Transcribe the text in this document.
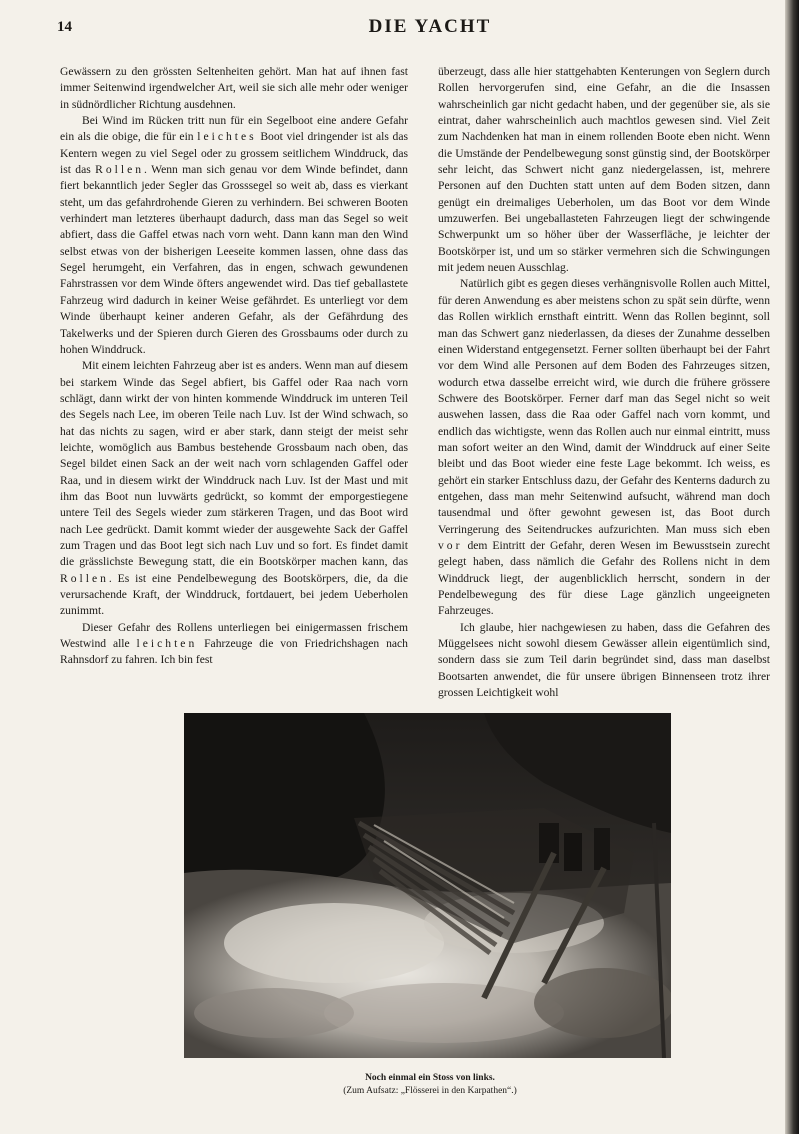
14	DIE YACHT

Gewässern zu den grössten Seltenheiten gehört. Man hat auf ihnen fast immer Seitenwind irgendwelcher Art, weil sie sich alle mehr oder weniger in südnördlicher Richtung ausdehnen.

Bei Wind im Rücken tritt nun für ein Segelboot eine andere Gefahr ein als die obige, die für ein leichtes Boot viel dringender ist als das Kentern wegen zu viel Segel oder zu grossem seitlichem Winddruck, das ist das Rollen. Wenn man sich genau vor dem Winde befindet, dann fiert bekanntlich jeder Segler das Grosssegel so weit ab, dass es vierkant steht, um das gefahrdrohende Gieren zu verhindern. Bei schweren Booten verhindert man letzteres überhaupt dadurch, dass man das Segel so weit abfiert, dass die Gaffel etwas nach vorn weht. Dann kann man den Wind selbst etwas von der bisherigen Leeseite kommen lassen, ohne dass das Segel herumgeht, ein Verfahren, das in engen, schwach gewundenen Fahrstrassen vor dem Winde öfters angewendet wird. Das tief geballastete Fahrzeug wird dadurch in keiner Weise gefährdet. Es unterliegt vor dem Winde überhaupt keiner anderen Gefahr, als der Gefährdung des Takelwerks und der Spieren durch Gieren des Grossbaums oder durch zu hohen Winddruck.

Mit einem leichten Fahrzeug aber ist es anders. Wenn man auf diesem bei starkem Winde das Segel abfiert, bis Gaffel oder Raa nach vorn schlägt, dann wirkt der von hinten kommende Winddruck im unteren Teil des Segels nach Lee, im oberen Teile nach Luv. Ist der Wind schwach, so hat das nichts zu sagen, wird er aber stark, dann steigt der meist sehr leichte, womöglich aus Bambus bestehende Grossbaum nach oben, das Segel bildet einen Sack an der weit nach vorn schlagenden Gaffel oder Raa, und in diesem wirkt der Winddruck nach Luv. Ist der Mast und mit ihm das Boot nun luvwärts gedrückt, so kommt der emporgestiegene untere Teil des Segels wieder zum stärkeren Tragen, und das Boot wird nach Lee gedrückt. Damit kommt wieder der ausgewehte Sack der Gaffel zum Tragen und das Boot legt sich nach Luv und so fort. Es findet damit die grässlichste Bewegung statt, die ein Bootskörper machen kann, das Rollen. Es ist eine Pendelbewegung des Bootskörpers, die, da die verursachende Kraft, der Winddruck, fortdauert, bei jedem Ueberholen zunimmt.

Dieser Gefahr des Rollens unterliegen bei einigermassen frischem Westwind alle leichten Fahrzeuge die von Friedrichshagen nach Rahnsdorf zu fahren. Ich bin fest

überzeugt, dass alle hier stattgehabten Kenterungen von Seglern durch Rollen hervorgerufen sind, eine Gefahr, an die die Insassen wahrscheinlich gar nicht gedacht haben, und der gegenüber sie, als sie eintrat, daher wahrscheinlich auch machtlos gewesen sind. Viel Zeit zum Nachdenken hat man in einem rollenden Boote eben nicht. Wenn die Umstände der Pendelbewegung sonst günstig sind, der Bootskörper sehr leicht, das Schwert nicht ganz niedergelassen, ist, mehrere Personen auf den Duchten statt unten auf dem Boden sitzen, dann genügt ein dreimaliges Ueberholen, um das Boot vor dem Winde umzuwerfen. Bei ungeballasteten Fahrzeugen liegt der schwingende Schwerpunkt um so höher über der Wasserfläche, je leichter der Bootskörper ist, und um so stärker vermehren sich die Schwingungen mit jedem neuen Ausschlag.

Natürlich gibt es gegen dieses verhängnisvolle Rollen auch Mittel, für deren Anwendung es aber meistens schon zu spät sein dürfte, wenn das Rollen wirklich ernsthaft eintritt. Wenn das Rollen beginnt, soll man das Schwert ganz niederlassen, da dieses der Zunahme desselben einen Widerstand entgegensetzt. Ferner sollten überhaupt bei der Fahrt vor dem Wind alle Personen auf dem Boden des Fahrzeuges sitzen, wodurch etwa dasselbe erreicht wird, wie durch die frühere grössere Schwere des Bootskörper. Ferner darf man das Segel nicht so weit auswehen lassen, dass die Raa oder Gaffel nach vorn kommt, und endlich das wichtigste, wenn das Rollen auch nur einmal eintritt, muss man sofort weiter an den Wind, damit der Winddruck auf einer Seite bleibt und das Boot wieder eine feste Lage bekommt. Ich weiss, es gehört ein starker Entschluss dazu, der Gefahr des Kenterns dadurch zu entgehen, dass man mehr Seitenwind aufsucht, während man doch tausendmal und öfter gewohnt gewesen ist, das Boot durch Verringerung des Seitendruckes aufzurichten. Man muss sich eben vor dem Eintritt der Gefahr, deren Wesen im Bewusstsein zurecht gelegt haben, dass nämlich die Gefahr des Rollens nicht in dem Winddruck liegt, der augenblicklich herrscht, sondern in der Pendelbewegung des für diese Lage gänzlich ungeeigneten Fahrzeuges.

Ich glaube, hier nachgewiesen zu haben, dass die Gefahren des Müggelsees nicht sowohl diesem Gewässer allein eigentümlich sind, sondern dass sie zum Teil darin begründet sind, dass man daselbst Bootsarten anwendet, die für unsere übrigen Binnenseen trotz ihrer grossen Leichtigkeit wohl

Noch einmal ein Stoss von links.
(Zum Aufsatz: „Flösserei in den Karpathen“.)
